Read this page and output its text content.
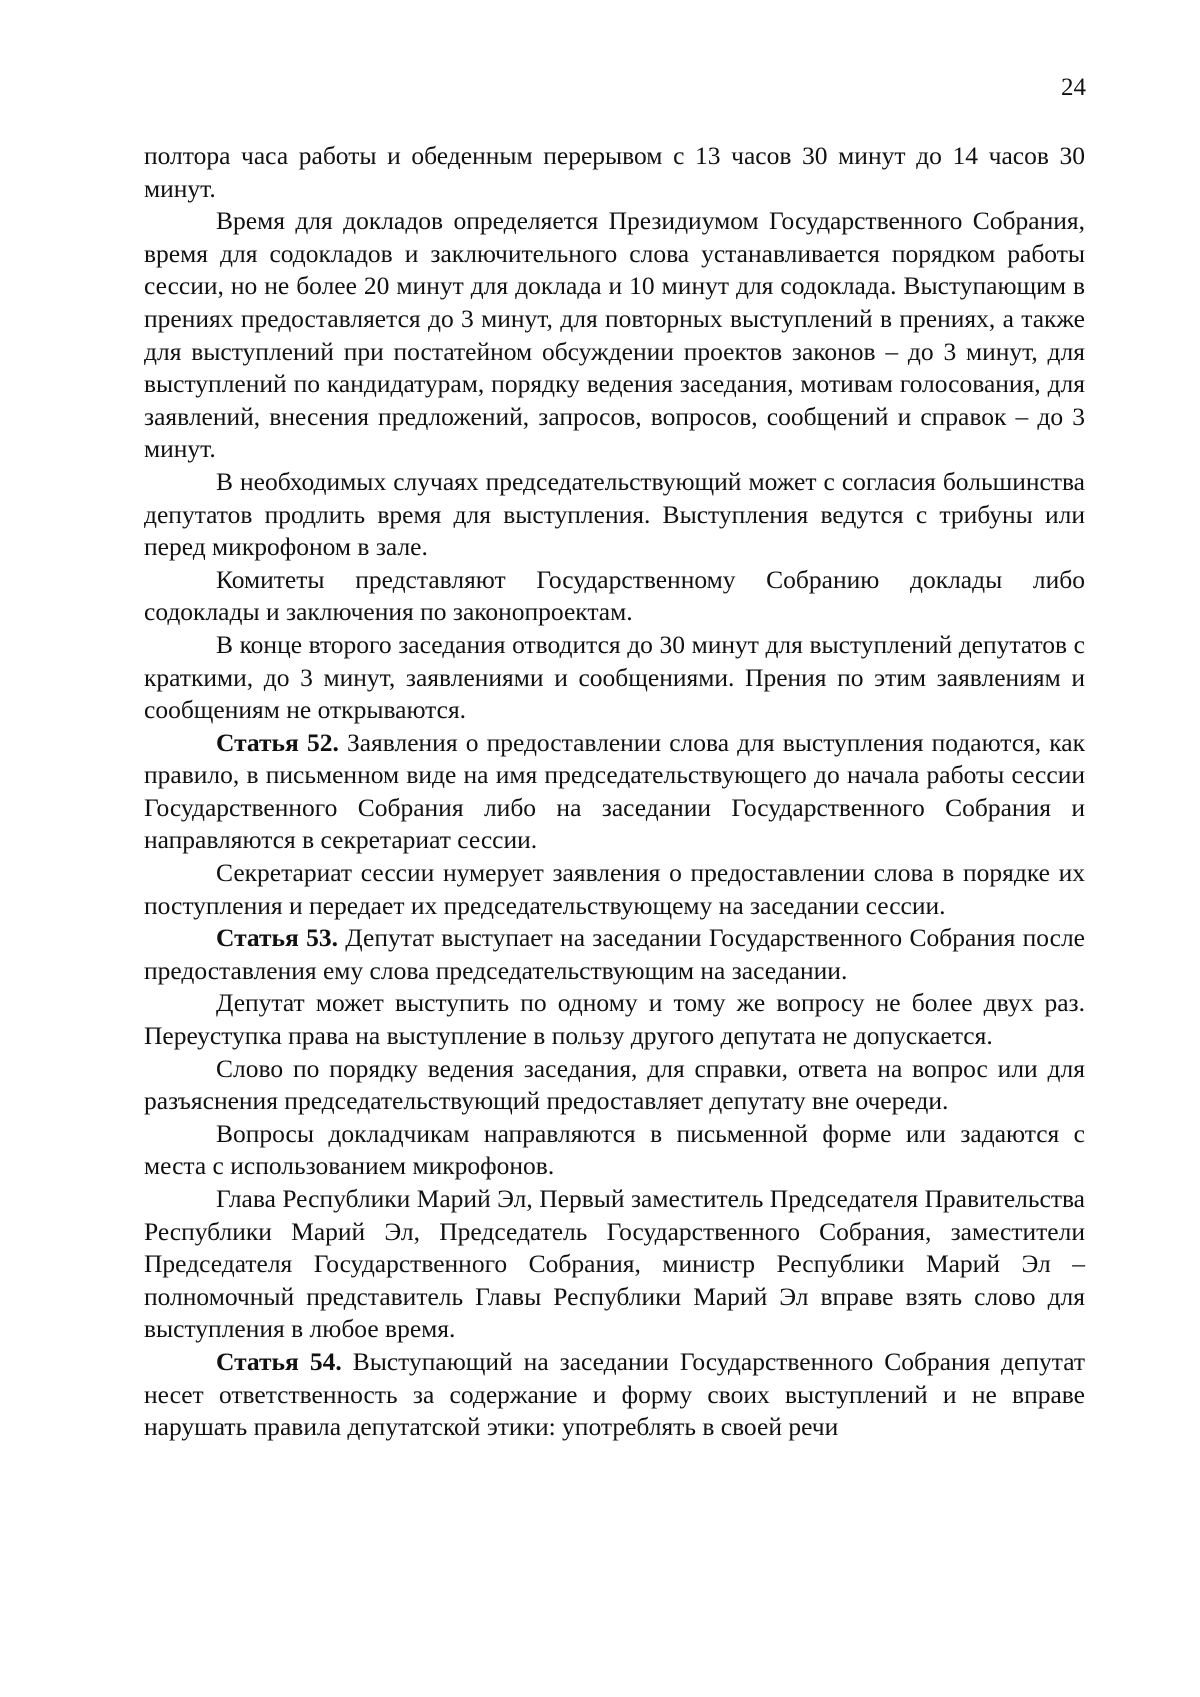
24

полтора часа работы и обеденным перерывом с 13 часов 30 минут до 14 часов 30 минут.

Время для докладов определяется Президиумом Государственного Собрания, время для содокладов и заключительного слова устанавливается порядком работы сессии, но не более 20 минут для доклада и 10 минут для содоклада. Выступающим в прениях предоставляется до 3 минут, для повторных выступлений в прениях, а также для выступлений при постатейном обсуждении проектов законов – до 3 минут, для выступлений по кандидатурам, порядку ведения заседания, мотивам голосования, для заявлений, внесения предложений, запросов, вопросов, сообщений и справок – до 3 минут.

В необходимых случаях председательствующий может с согласия большинства депутатов продлить время для выступления. Выступления ведутся с трибуны или перед микрофоном в зале.

Комитеты представляют Государственному Собранию доклады либо содоклады и заключения по законопроектам.

В конце второго заседания отводится до 30 минут для выступлений депутатов с краткими, до 3 минут, заявлениями и сообщениями. Прения по этим заявлениям и сообщениям не открываются.

Статья 52. Заявления о предоставлении слова для выступления подаются, как правило, в письменном виде на имя председательствующего до начала работы сессии Государственного Собрания либо на заседании Государственного Собрания и направляются в секретариат сессии.

Секретариат сессии нумерует заявления о предоставлении слова в порядке их поступления и передает их председательствующему на заседании сессии.

Статья 53. Депутат выступает на заседании Государственного Собрания после предоставления ему слова председательствующим на заседании.

Депутат может выступить по одному и тому же вопросу не более двух раз. Переуступка права на выступление в пользу другого депутата не допускается.

Слово по порядку ведения заседания, для справки, ответа на вопрос или для разъяснения председательствующий предоставляет депутату вне очереди.

Вопросы докладчикам направляются в письменной форме или задаются с места с использованием микрофонов.

Глава Республики Марий Эл, Первый заместитель Председателя Правительства Республики Марий Эл, Председатель Государственного Собрания, заместители Председателя Государственного Собрания, министр Республики Марий Эл – полномочный представитель Главы Республики Марий Эл вправе взять слово для выступления в любое время.

Статья 54. Выступающий на заседании Государственного Собрания депутат несет ответственность за содержание и форму своих выступлений и не вправе нарушать правила депутатской этики: употреблять в своей речи
